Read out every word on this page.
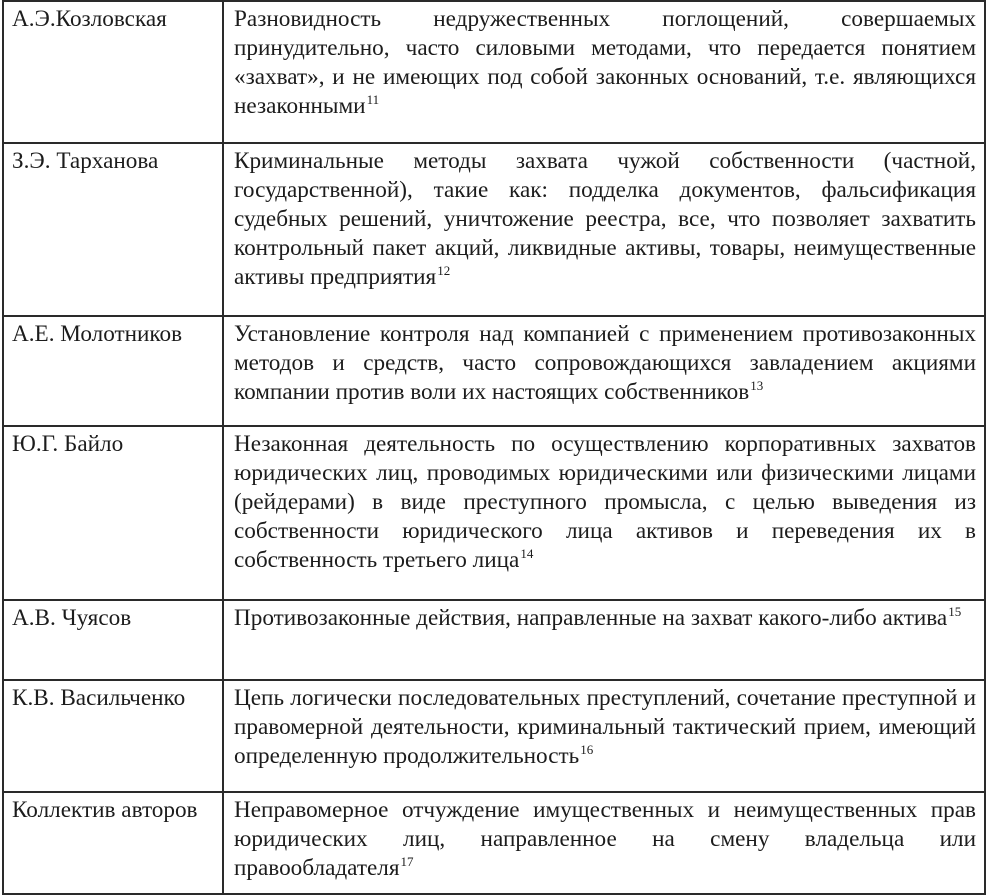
А.Э.Козловская	Разновидность недружественных поглощений, совершаемых принудительно, часто силовыми методами, что передается понятием «захват», и не имеющих под собой законных оснований, т.е. являющихся незаконными$^{11}$
З.Э. Тарханова	Криминальные методы захвата чужой собственности (частной, государственной), такие как: подделка документов, фальсификация судебных решений, уничтожение реестра, все, что позволяет захватить контрольный пакет акций, ликвидные активы, товары, неимущественные активы предприятия$^{12}$
А.Е. Молотников	Установление контроля над компанией с применением противозаконных методов и средств, часто сопровождающихся завладением акциями компании против воли их настоящих собственников$^{13}$
Ю.Г. Байло	Незаконная деятельность по осуществлению корпоративных захватов юридических лиц, проводимых юридическими или физическими лицами (рейдерами) в виде преступного промысла, с целью выведения из собственности юридического лица активов и переведения их в собственность третьего лица$^{14}$
А.В. Чуясов	Противозаконные действия, направленные на захват какого-либо актива$^{15}$
К.В. Васильченко	Цепь логически последовательных преступлений, сочетание преступной и правомерной деятельности, криминальный тактический прием, имеющий определенную продолжительность$^{16}$
Коллектив авторов	Неправомерное отчуждение имущественных и неимущественных прав юридических лиц, направленное на смену владельца или правообладателя$^{17}$
